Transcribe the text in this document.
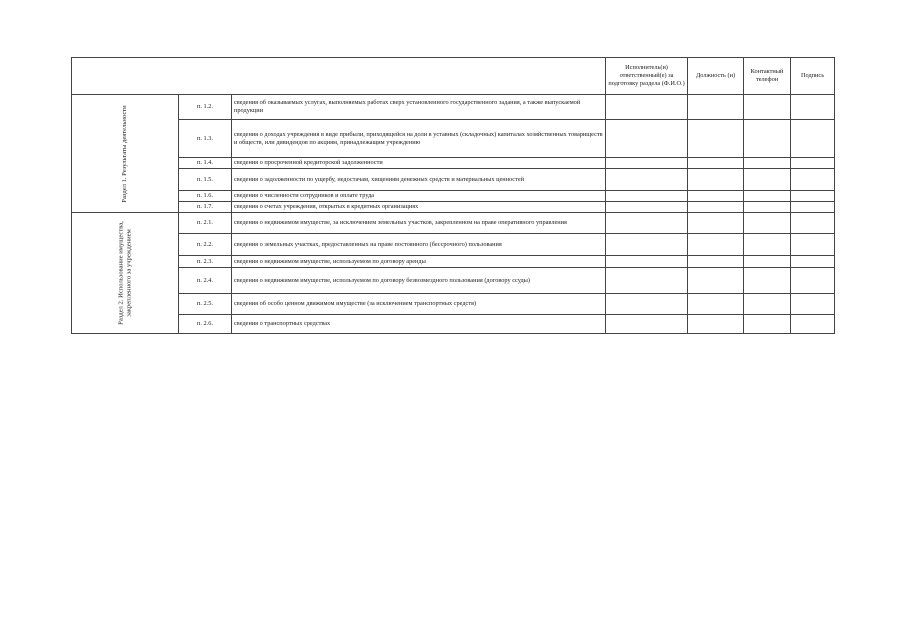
			Исполнитель(и) ответственный(е) за подготовку раздела (Ф.И.О.)	Должность (и)	Контактный телефон	Подпись

Раздел 1. Результаты деятельности	п. 1.2.	сведения об оказываемых услугах, выполняемых работах сверх установленного государственного задания, а также выпускаемой продукции				
	п. 1.3.	сведения о доходах учреждения в виде прибыли, приходящейся на доли в уставных (складочных) капиталах хозяйственных товариществ и обществ, или дивидендов по акциям, принадлежащим учреждению				
	п. 1.4.	сведения о просроченной кредиторской задолженности				
	п. 1.5.	сведения о задолженности по ущербу, недостачам, хищениям денежных средств и материальных ценностей				
	п. 1.6.	сведения о численности сотрудников и оплате труда				
	п. 1.7.	сведения о счетах учреждения, открытых в кредитных организациях				

Раздел 2. Использование имущества, закрепленного за учреждением	п. 2.1.	сведения о недвижимом имуществе, за исключением земельных участков, закрепленном на праве оперативного управления				
	п. 2.2.	сведения о земельных участках, предоставленных на праве постоянного (бессрочного) пользования				
	п. 2.3.	сведения о недвижимом имуществе, используемом по договору аренды				
	п. 2.4.	сведения о недвижимом имуществе, используемом по договору безвозмездного пользования (договору ссуды)				
	п. 2.5.	сведения об особо ценном движимом имуществе (за исключением транспортных средств)				
	п. 2.6.	сведения о транспортных средствах				
